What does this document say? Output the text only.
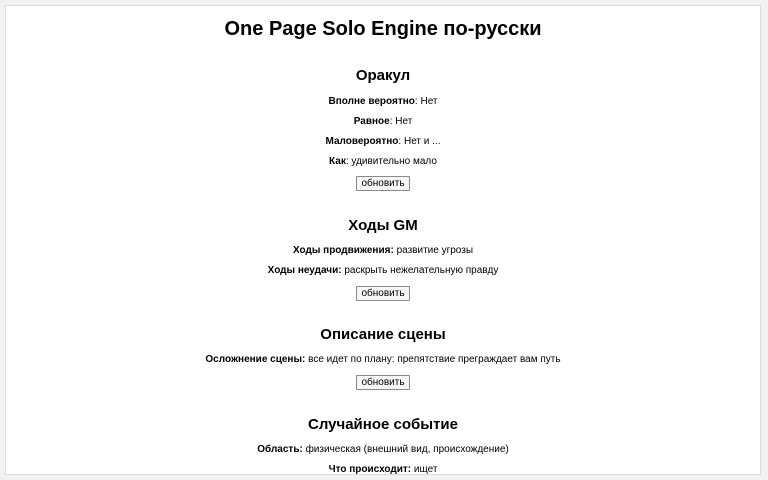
One Page Solo Engine по-русски
Оракул

Вполне вероятно: Нет

Равное: Нет

Маловероятно: Нет и ...

Как: удивительно мало

обновить
Ходы GM

Ходы продвижения: развитие угрозы

Ходы неудачи: раскрыть нежелательную правду

обновить
Описание сцены

Осложнение сцены: все идет по плану: препятствие преграждает вам путь

обновить
Случайное событие

Область: физическая (внешний вид, происхождение)

Что происходит: ищет
